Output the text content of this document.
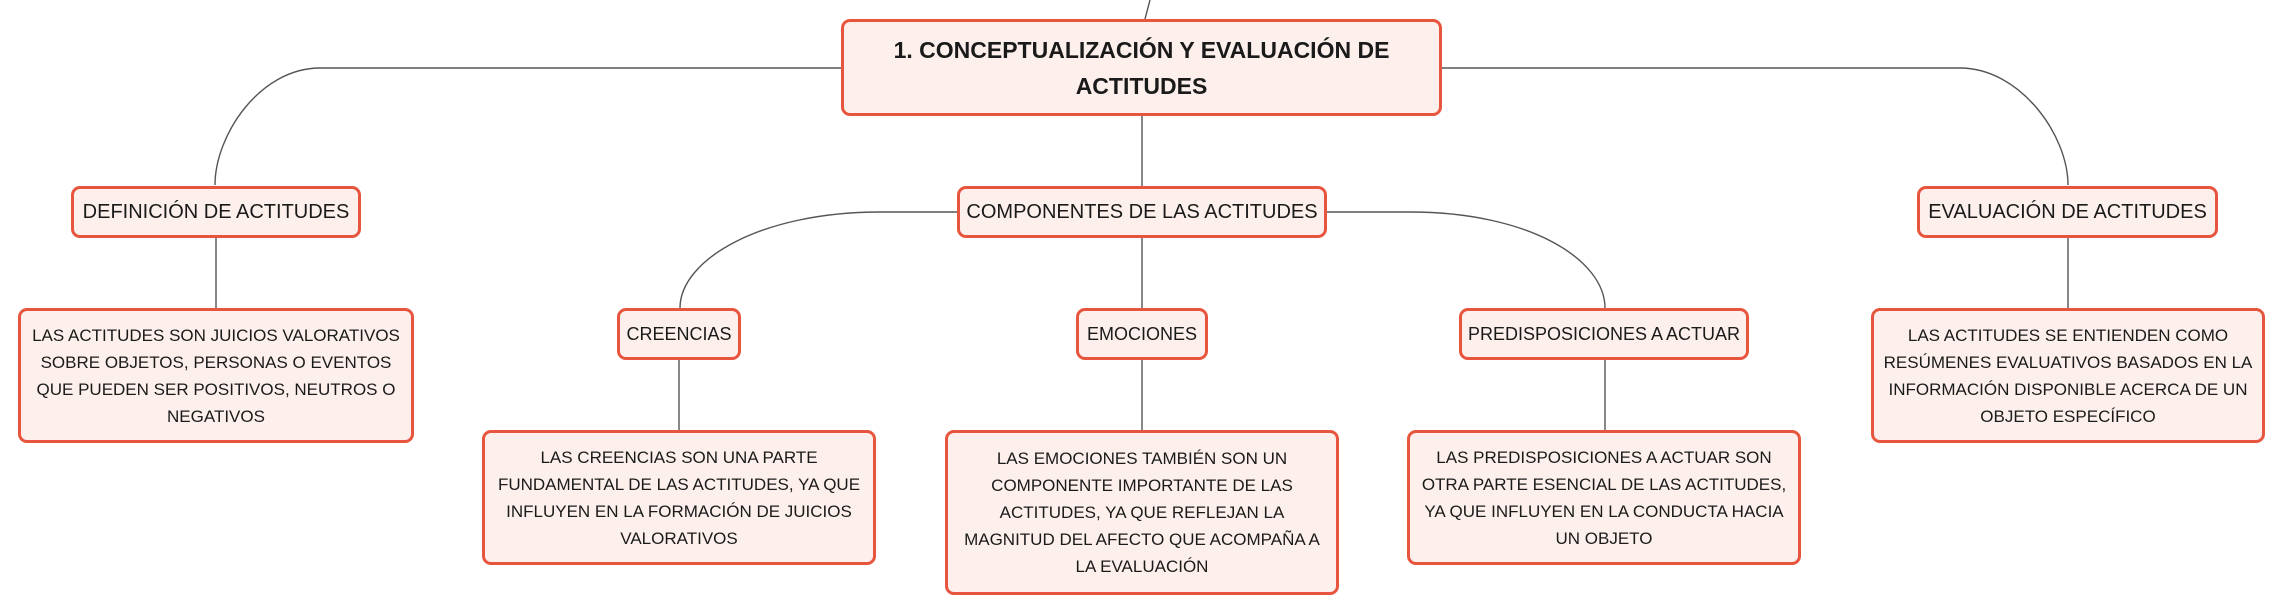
1. CONCEPTUALIZACIÓN Y EVALUACIÓN DE ACTITUDES
DEFINICIÓN DE ACTITUDES
LAS ACTITUDES SON JUICIOS VALORATIVOS SOBRE OBJETOS, PERSONAS O EVENTOS QUE PUEDEN SER POSITIVOS, NEUTROS O NEGATIVOS
COMPONENTES DE LAS ACTITUDES
CREENCIAS
LAS CREENCIAS SON UNA PARTE FUNDAMENTAL DE LAS ACTITUDES, YA QUE INFLUYEN EN LA FORMACIÓN DE JUICIOS VALORATIVOS
EMOCIONES
LAS EMOCIONES TAMBIÉN SON UN COMPONENTE IMPORTANTE DE LAS ACTITUDES, YA QUE REFLEJAN LA MAGNITUD DEL AFECTO QUE ACOMPAÑA A LA EVALUACIÓN
PREDISPOSICIONES A ACTUAR
LAS PREDISPOSICIONES A ACTUAR SON OTRA PARTE ESENCIAL DE LAS ACTITUDES, YA QUE INFLUYEN EN LA CONDUCTA HACIA UN OBJETO
EVALUACIÓN DE ACTITUDES
LAS ACTITUDES SE ENTIENDEN COMO RESÚMENES EVALUATIVOS BASADOS EN LA INFORMACIÓN DISPONIBLE ACERCA DE UN OBJETO ESPECÍFICO
